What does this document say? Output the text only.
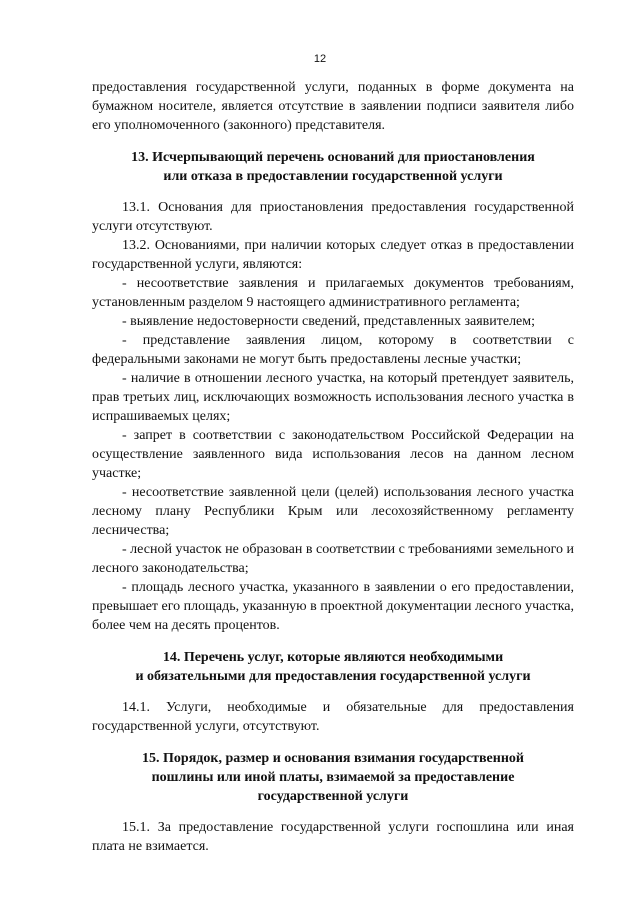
12

предоставления государственной услуги, поданных в форме документа на бумажном носителе, является отсутствие в заявлении подписи заявителя либо его уполномоченного (законного) представителя.

13. Исчерпывающий перечень оснований для приостановления
или отказа в предоставлении государственной услуги

13.1. Основания для приостановления предоставления государственной услуги отсутствуют.

13.2. Основаниями, при наличии которых следует отказ в предоставлении государственной услуги, являются:

- несоответствие заявления и прилагаемых документов требованиям, установленным разделом 9 настоящего административного регламента;

- выявление недостоверности сведений, представленных заявителем;

- представление заявления лицом, которому в соответствии с федеральными законами не могут быть предоставлены лесные участки;

- наличие в отношении лесного участка, на который претендует заявитель, прав третьих лиц, исключающих возможность использования лесного участка в испрашиваемых целях;

- запрет в соответствии с законодательством Российской Федерации на осуществление заявленного вида использования лесов на данном лесном участке;

- несоответствие заявленной цели (целей) использования лесного участка лесному плану Республики Крым или лесохозяйственному регламенту лесничества;

- лесной участок не образован в соответствии с требованиями земельного и лесного законодательства;

- площадь лесного участка, указанного в заявлении о его предоставлении, превышает его площадь, указанную в проектной документации лесного участка, более чем на десять процентов.

14. Перечень услуг, которые являются необходимыми
и обязательными для предоставления государственной услуги

14.1. Услуги, необходимые и обязательные для предоставления государственной услуги, отсутствуют.

15. Порядок, размер и основания взимания государственной
пошлины или иной платы, взимаемой за предоставление
государственной услуги

15.1. За предоставление государственной услуги госпошлина или иная плата не взимается.
